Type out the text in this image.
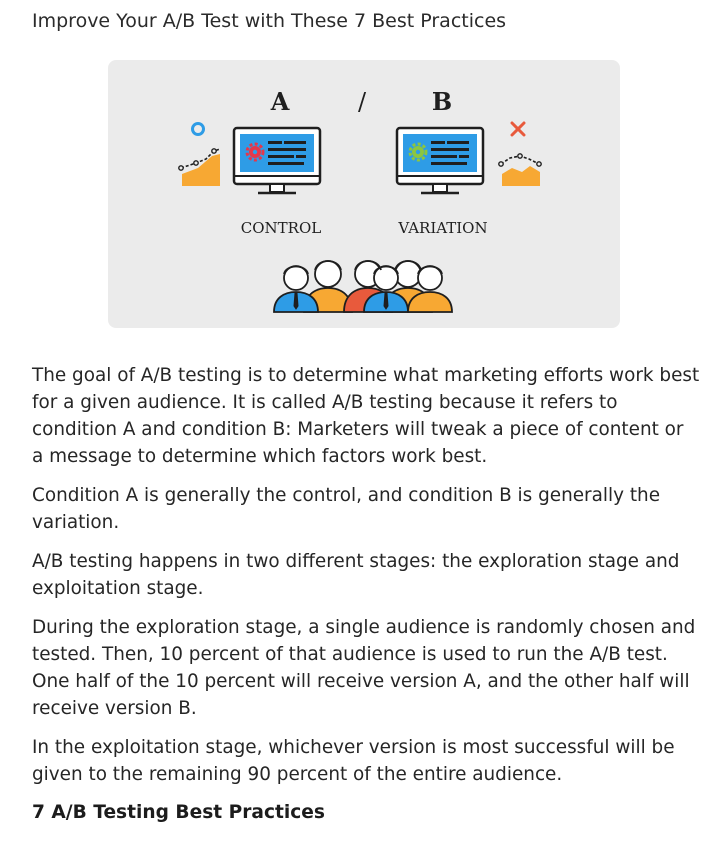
Improve Your A/B Test with These 7 Best Practices
A	/	B
CONTROL	VARIATION

The goal of A/B testing is to determine what marketing efforts work best for a given audience. It is called A/B testing because it refers to condition A and condition B: Marketers will tweak a piece of content or a message to determine which factors work best.

Condition A is generally the control, and condition B is generally the variation.

A/B testing happens in two different stages: the exploration stage and exploitation stage.

During the exploration stage, a single audience is randomly chosen and tested. Then, 10 percent of that audience is used to run the A/B test. One half of the 10 percent will receive version A, and the other half will receive version B.

In the exploitation stage, whichever version is most successful will be given to the remaining 90 percent of the entire audience.

7 A/B Testing Best Practices
